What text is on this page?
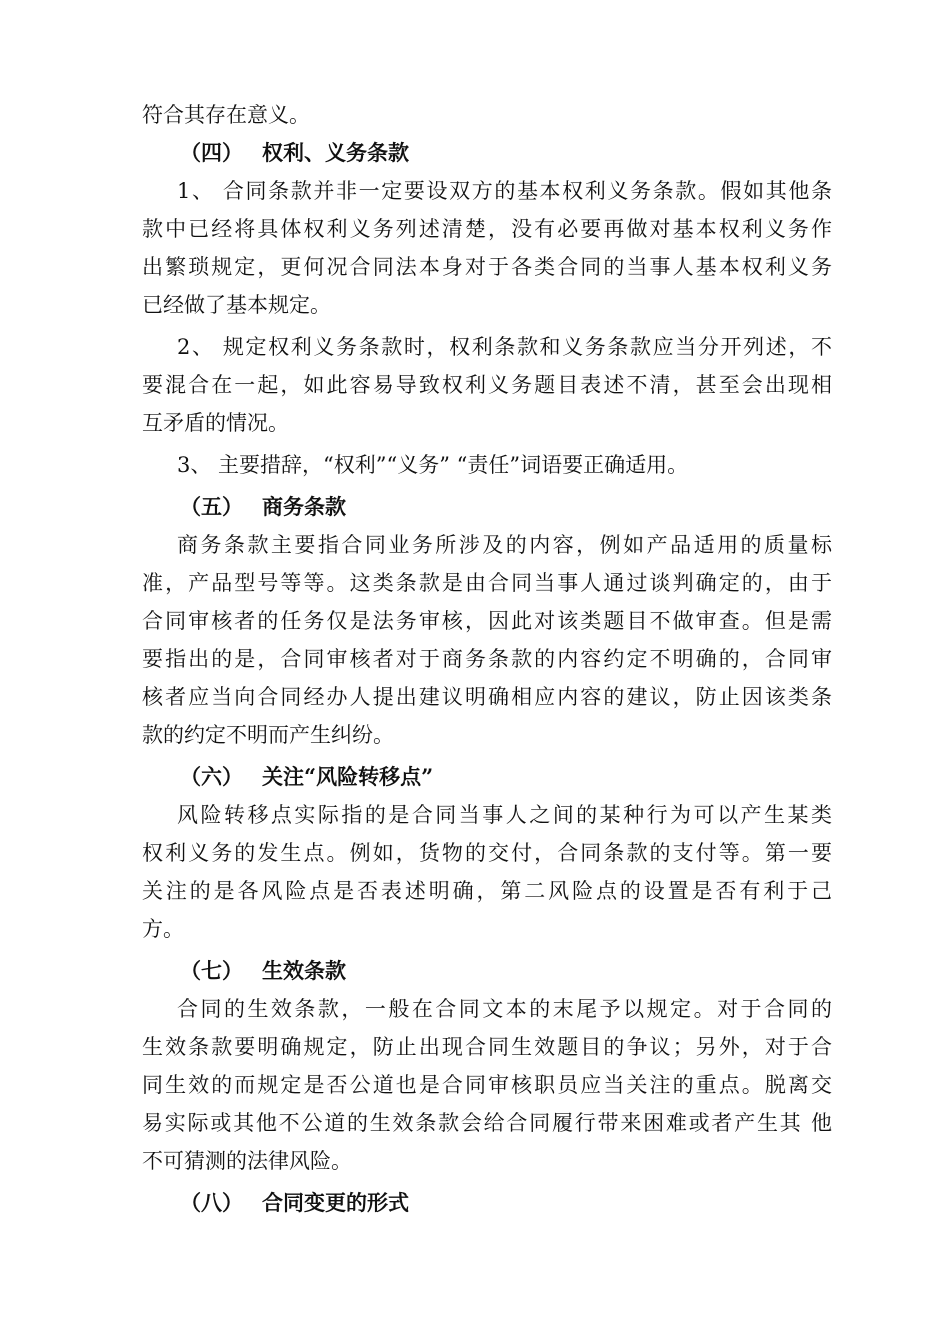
符合其存在意义。
（四） 权利、义务条款
1、 合同条款并非一定要设双方的基本权利义务条款。假如其他条
款中已经将具体权利义务列述清楚，没有必要再做对基本权利义务作
出繁琐规定，更何况合同法本身对于各类合同的当事人基本权利义务
已经做了基本规定。
2、 规定权利义务条款时，权利条款和义务条款应当分开列述，不
要混合在一起，如此容易导致权利义务题目表述不清，甚至会出现相
互矛盾的情况。
3、 主要措辞，“权利”“义务” “责任”词语要正确适用。
（五） 商务条款
商务条款主要指合同业务所涉及的内容，例如产品适用的质量标
准，产品型号等等。这类条款是由合同当事人通过谈判确定的，由于
合同审核者的任务仅是法务审核，因此对该类题目不做审查。但是需
要指出的是，合同审核者对于商务条款的内容约定不明确的，合同审
核者应当向合同经办人提出建议明确相应内容的建议，防止因该类条
款的约定不明而产生纠纷。
（六） 关注“风险转移点”
风险转移点实际指的是合同当事人之间的某种行为可以产生某类
权利义务的发生点。例如，货物的交付，合同条款的支付等。第一要
关注的是各风险点是否表述明确，第二风险点的设置是否有利于己
方。
（七） 生效条款
合同的生效条款，一般在合同文本的末尾予以规定。对于合同的
生效条款要明确规定，防止出现合同生效题目的争议；另外，对于合
同生效的而规定是否公道也是合同审核职员应当关注的重点。脱离交
易实际或其他不公道的生效条款会给合同履行带来困难或者产生其 他
不可猜测的法律风险。
（八） 合同变更的形式
